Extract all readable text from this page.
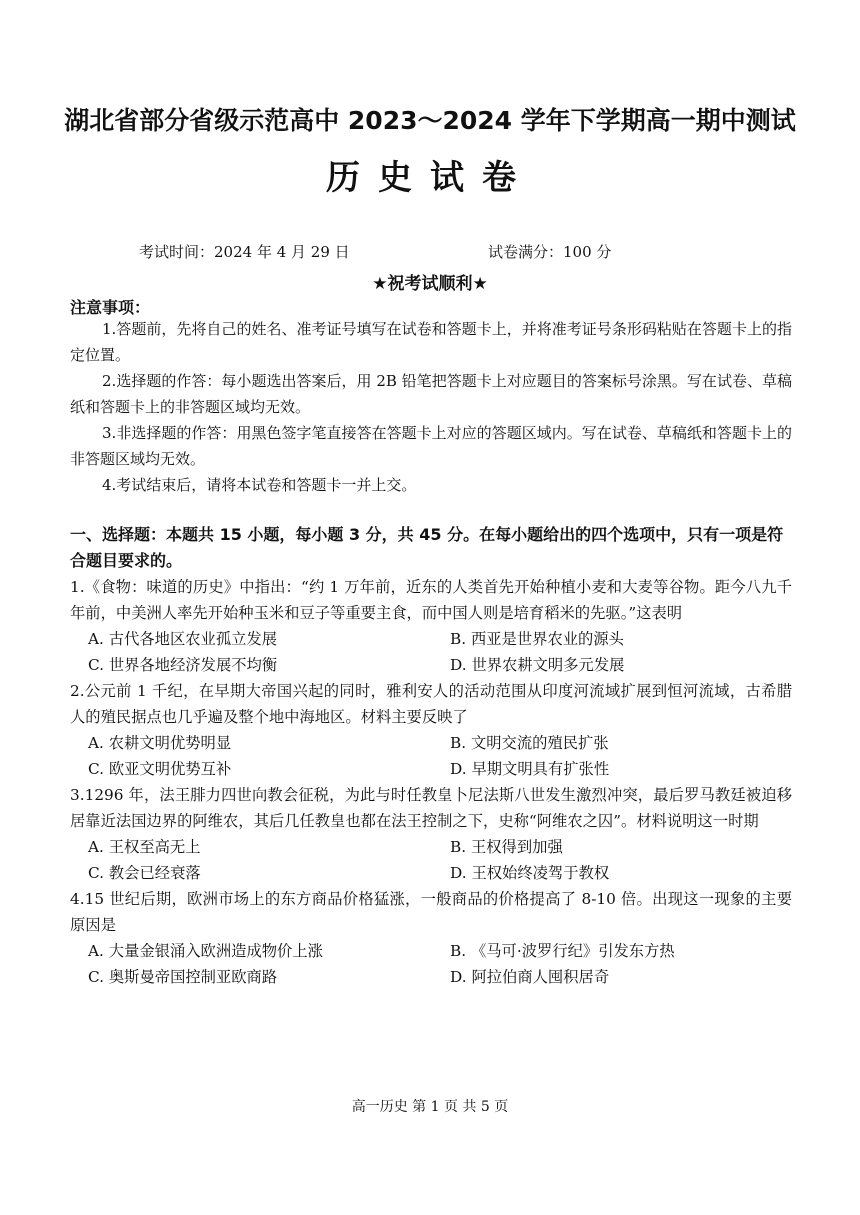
湖北省部分省级示范高中 2023～2024 学年下学期高一期中测试
历史试卷
考试时间：2024 年 4 月 29 日	试卷满分：100 分
★祝考试顺利★
注意事项：

1.答题前，先将自己的姓名、准考证号填写在试卷和答题卡上，并将准考证号条形码粘贴在答题卡上的指定位置。

2.选择题的作答：每小题选出答案后，用 2B 铅笔把答题卡上对应题目的答案标号涂黑。写在试卷、草稿纸和答题卡上的非答题区域均无效。

3.非选择题的作答：用黑色签字笔直接答在答题卡上对应的答题区域内。写在试卷、草稿纸和答题卡上的非答题区域均无效。

4.考试结束后，请将本试卷和答题卡一并上交。

一、选择题：本题共 15 小题，每小题 3 分，共 45 分。在每小题给出的四个选项中，只有一项是符合题目要求的。

1.《食物：味道的历史》中指出：“约 1 万年前，近东的人类首先开始种植小麦和大麦等谷物。距今八九千年前，中美洲人率先开始种玉米和豆子等重要主食，而中国人则是培育稻米的先驱。”这表明

A. 古代各地区农业孤立发展	B. 西亚是世界农业的源头
C. 世界各地经济发展不均衡	D. 世界农耕文明多元发展

2.公元前 1 千纪，在早期大帝国兴起的同时，雅利安人的活动范围从印度河流域扩展到恒河流域，古希腊人的殖民据点也几乎遍及整个地中海地区。材料主要反映了

A. 农耕文明优势明显	B. 文明交流的殖民扩张
C. 欧亚文明优势互补	D. 早期文明具有扩张性

3.1296 年，法王腓力四世向教会征税，为此与时任教皇卜尼法斯八世发生激烈冲突，最后罗马教廷被迫移居靠近法国边界的阿维农，其后几任教皇也都在法王控制之下，史称“阿维农之囚”。材料说明这一时期

A. 王权至高无上	B. 王权得到加强
C. 教会已经衰落	D. 王权始终凌驾于教权

4.15 世纪后期，欧洲市场上的东方商品价格猛涨，一般商品的价格提高了 8-10 倍。出现这一现象的主要原因是

A. 大量金银涌入欧洲造成物价上涨	B. 《马可·波罗行纪》引发东方热
C. 奥斯曼帝国控制亚欧商路	D. 阿拉伯商人囤积居奇
高一历史 第 1 页 共 5 页
